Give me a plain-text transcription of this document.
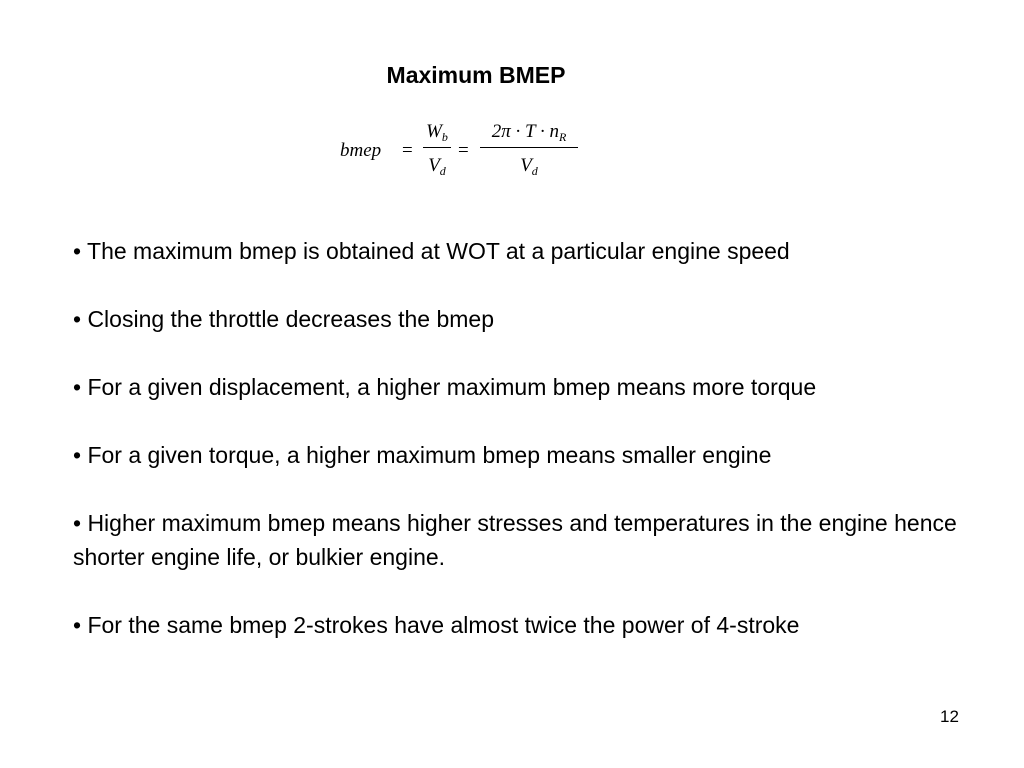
Maximum BMEP
bmep =
$W_b$
$V_d$
=
$2\pi \cdot T \cdot n_R$
$V_d$
• The maximum bmep is obtained at WOT at a particular engine speed
• Closing the throttle decreases the bmep
• For a given displacement, a higher maximum bmep means more torque
• For a given torque, a higher maximum bmep means smaller engine
• Higher maximum bmep means higher stresses and temperatures in the engine hence shorter engine life, or bulkier engine.
• For the same bmep 2-strokes have almost twice the power of 4-stroke
12
